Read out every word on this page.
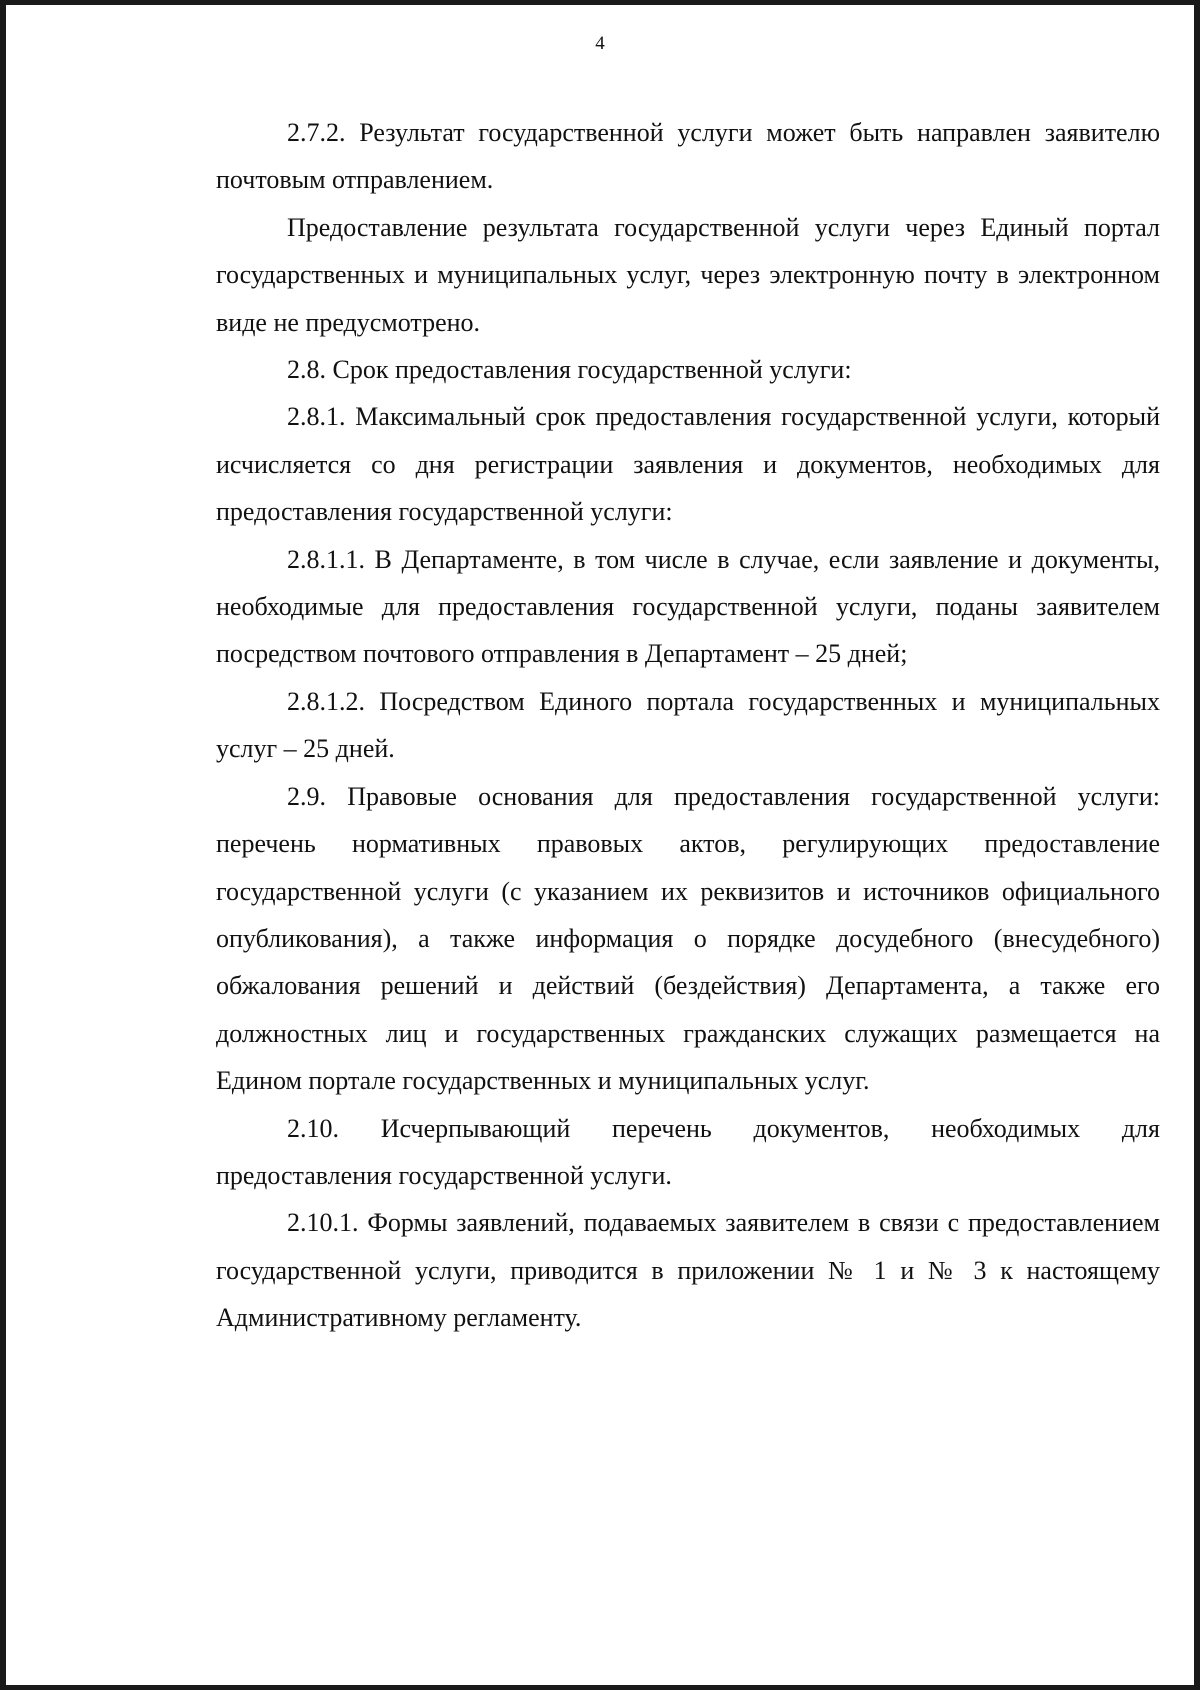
4

2.7.2. Результат государственной услуги может быть направлен заявителю почтовым отправлением.

Предоставление результата государственной услуги через Единый портал государственных и муниципальных услуг, через электронную почту в электронном виде не предусмотрено.

2.8. Срок предоставления государственной услуги:

2.8.1. Максимальный срок предоставления государственной услуги, который исчисляется со дня регистрации заявления и документов, необходимых для предоставления государственной услуги:

2.8.1.1. В Департаменте, в том числе в случае, если заявление и документы, необходимые для предоставления государственной услуги, поданы заявителем посредством почтового отправления в Департамент – 25 дней;

2.8.1.2. Посредством Единого портала государственных и муниципальных услуг – 25 дней.

2.9. Правовые основания для предоставления государственной услуги: перечень нормативных правовых актов, регулирующих предоставление государственной услуги (с указанием их реквизитов и источников официального опубликования), а также информация о порядке досудебного (внесудебного) обжалования решений и действий (бездействия) Департамента, а также его должностных лиц и государственных гражданских служащих размещается на Едином портале государственных и муниципальных услуг.

2.10. Исчерпывающий перечень документов, необходимых для предоставления государственной услуги.

2.10.1. Формы заявлений, подаваемых заявителем в связи с предоставлением государственной услуги, приводится в приложении № 1 и № 3 к настоящему Административному регламенту.
